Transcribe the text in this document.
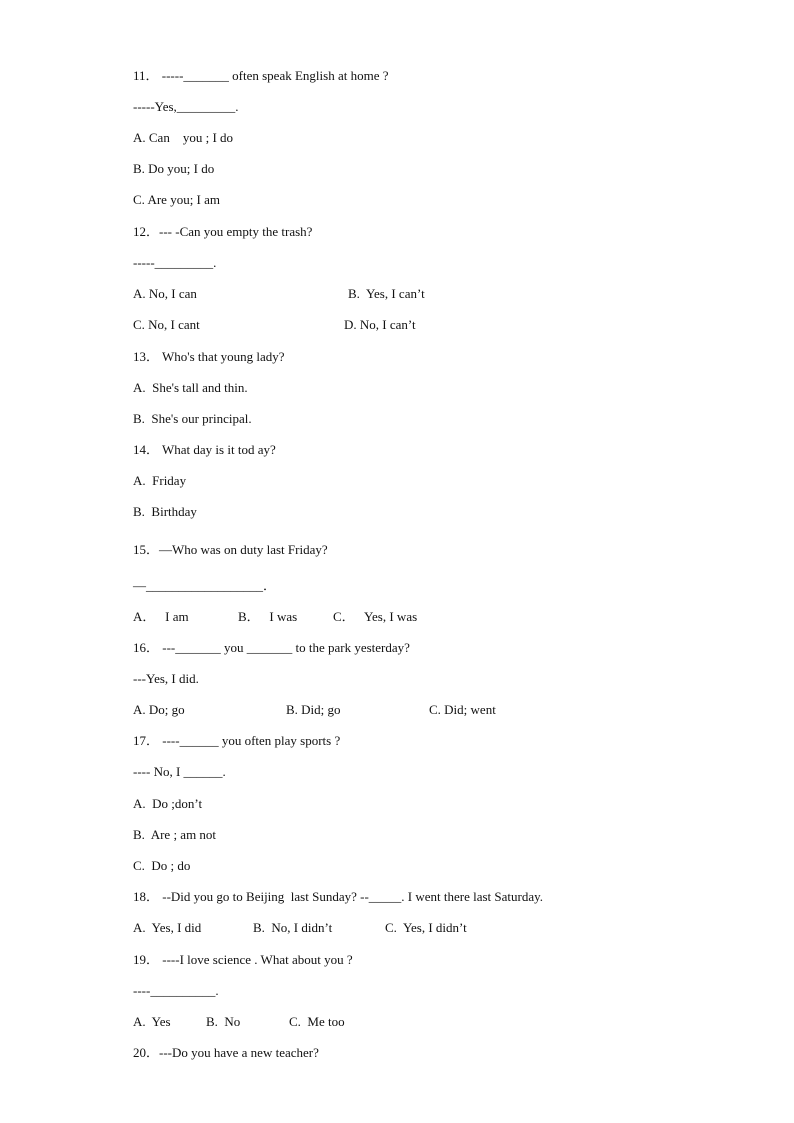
11． -----_______ often speak English at home ?
-----Yes,_________.
A. Can    you ; I do
B. Do you; I do
C. Are you; I am
12．--- -Can you empty the trash?
-----_________.
A. No, I can	B.  Yes, I can’t
C. No, I cant	D. No, I can’t
13． Who's that young lady?
A.  She's tall and thin.
B.  She's our principal.
14． What day is it tod ay?
A.  Friday
B.  Birthday
15．—Who was on duty last Friday?
—__________________．
A．   I am	B．   I was	C．   Yes, I was
16． ---_______ you _______ to the park yesterday?
---Yes, I did.
A. Do; go	B. Did; go	C. Did; went
17． ----______ you often play sports ?
---- No, I ______.
A.  Do ;don’t
B.  Are ; am not
C.  Do ; do
18． --Did you go to Beijing  last Sunday? --_____. I went there last Saturday.
A.  Yes, I did	B.  No, I didn’t	C.  Yes, I didn’t
19． ----I love science . What about you ?
----__________.
A.  Yes	B.  No	C.  Me too
20．---Do you have a new teacher?
